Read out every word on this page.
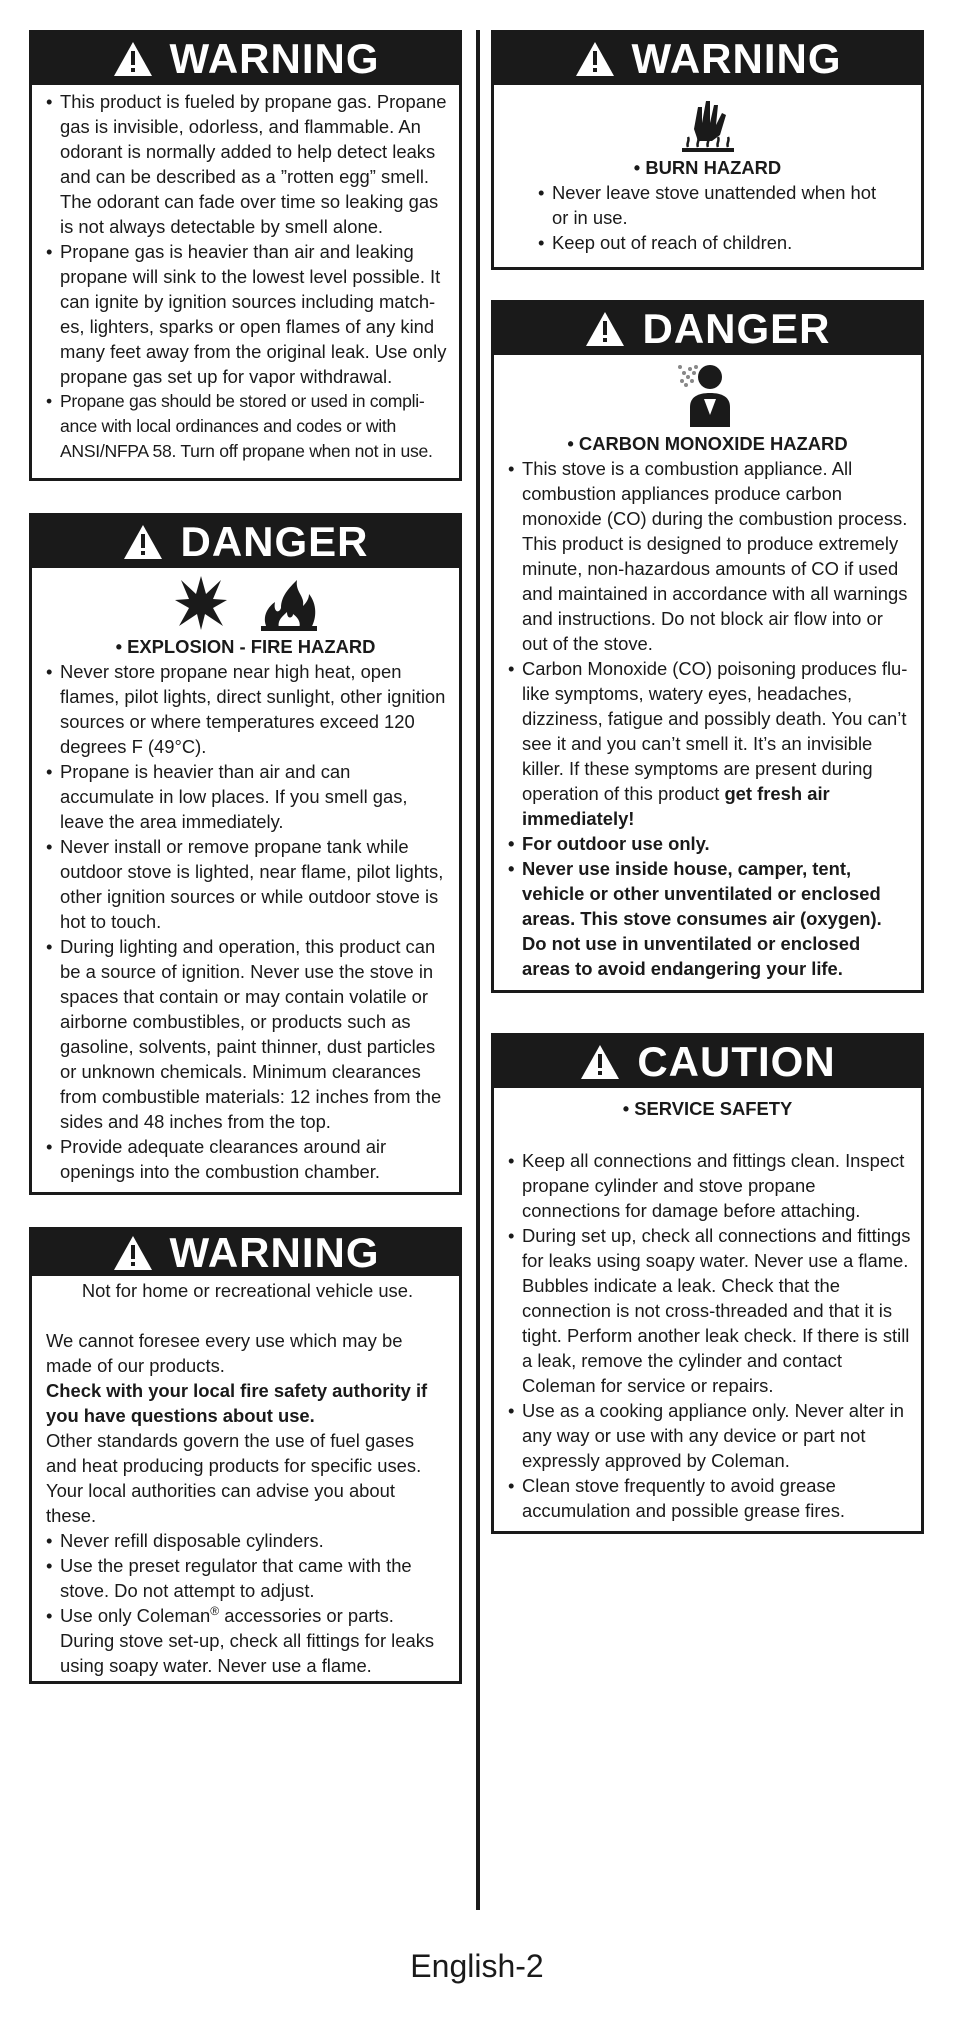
WARNING
• This product is fueled by propane gas. Propane gas is invisible, odorless, and flammable. An odorant is normally added to help detect leaks and can be described as a ”rotten egg” smell. The odorant can fade over time so leaking gas is not always detectable by smell alone.
• Propane gas is heavier than air and leaking propane will sink to the lowest level possible. It can ignite by ignition sources including match-es, lighters, sparks or open flames of any kind many feet away from the original leak. Use only propane gas set up for vapor withdrawal.
• Propane gas should be stored or used in compli-ance with local ordinances and codes or with ANSI/NFPA 58. Turn off propane when not in use.
DANGER
• EXPLOSION - FIRE HAZARD
• Never store propane near high heat, open flames, pilot lights, direct sunlight, other ignition sources or where temperatures exceed 120 degrees F (49°C).
• Propane is heavier than air and can accumulate in low places. If you smell gas, leave the area immediately.
• Never install or remove propane tank while outdoor stove is lighted, near flame, pilot lights, other ignition sources or while outdoor stove is hot to touch.
• During lighting and operation, this product can be a source of ignition. Never use the stove in spaces that contain or may contain volatile or airborne combustibles, or products such as gasoline, solvents, paint thinner, dust particles or unknown chemicals. Minimum clearances from combustible materials: 12 inches from the sides and 48 inches from the top.
• Provide adequate clearances around air openings into the combustion chamber.
WARNING
Not for home or recreational vehicle use.
We cannot foresee every use which may be made of our products.
Check with your local fire safety authority if you have questions about use.
Other standards govern the use of fuel gases and heat producing products for specific uses. Your local authorities can advise you about these.
• Never refill disposable cylinders.
• Use the preset regulator that came with the stove. Do not attempt to adjust.
• Use only Coleman® accessories or parts. During stove set-up, check all fittings for leaks using soapy water. Never use a flame.
WARNING
• BURN HAZARD
• Never leave stove unattended when hot or in use.
• Keep out of reach of children.
DANGER
• CARBON MONOXIDE HAZARD
• This stove is a combustion appliance. All combustion appliances produce carbon monoxide (CO) during the combustion process. This product is designed to produce extremely minute, non-hazardous amounts of CO if used and maintained in accordance with all warnings and instructions. Do not block air flow into or out of the stove.
• Carbon Monoxide (CO) poisoning produces flu-like symptoms, watery eyes, headaches, dizziness, fatigue and possibly death. You can’t see it and you can’t smell it. It’s an invisible killer. If these symptoms are present during operation of this product get fresh air immediately!
• For outdoor use only.
• Never use inside house, camper, tent, vehicle or other unventilated or enclosed areas. This stove consumes air (oxygen). Do not use in unventilated or enclosed areas to avoid endangering your life.
CAUTION
• SERVICE SAFETY
• Keep all connections and fittings clean. Inspect propane cylinder and stove propane connections for damage before attaching.
• During set up, check all connections and fittings for leaks using soapy water. Never use a flame. Bubbles indicate a leak. Check that the connection is not cross-threaded and that it is tight. Perform another leak check. If there is still a leak, remove the cylinder and contact Coleman for service or repairs.
• Use as a cooking appliance only. Never alter in any way or use with any device or part not expressly approved by Coleman.
• Clean stove frequently to avoid grease accumulation and possible grease fires.
English-2
